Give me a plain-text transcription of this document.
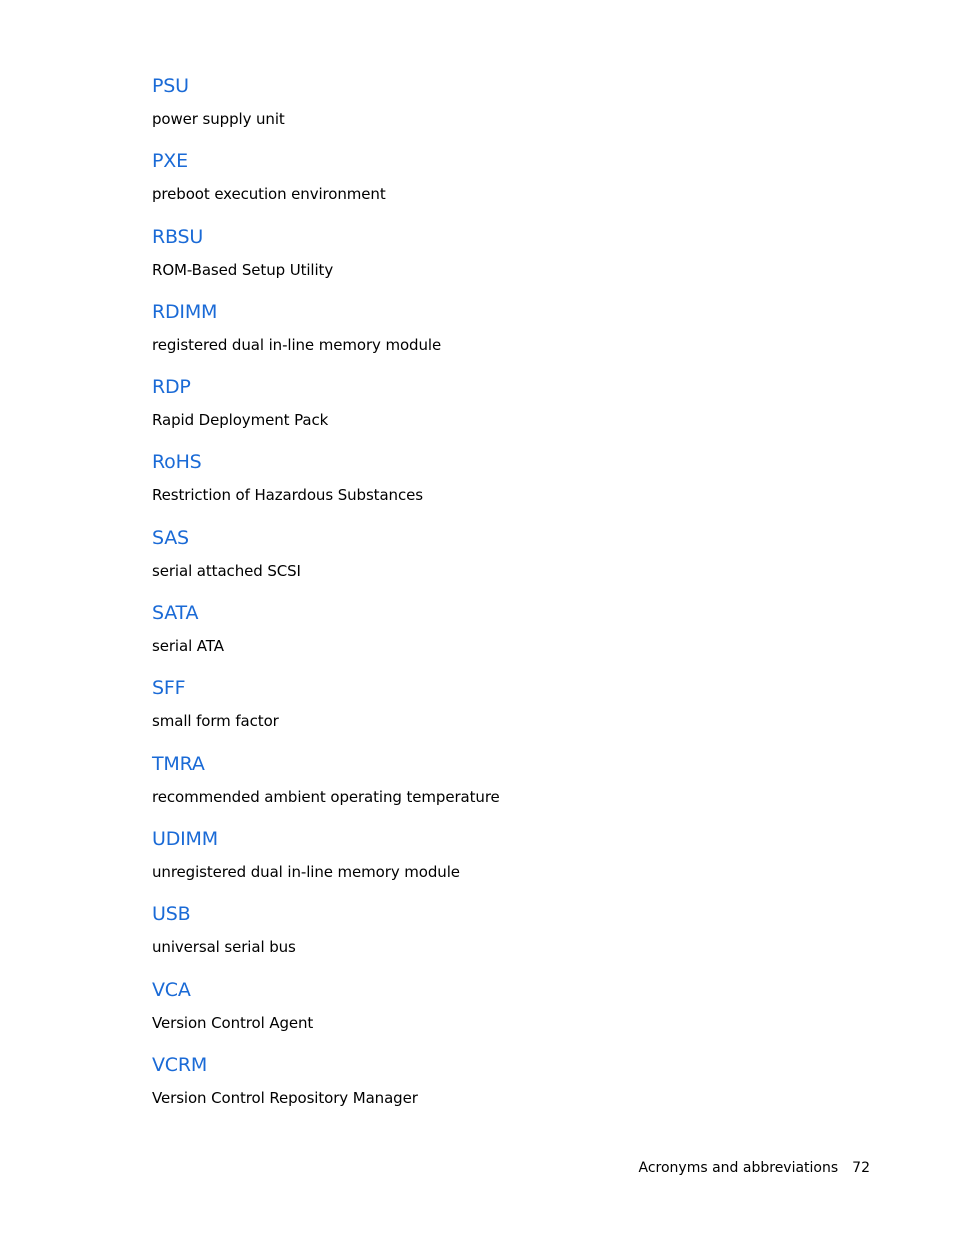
PSU
power supply unit
PXE
preboot execution environment
RBSU
ROM-Based Setup Utility
RDIMM
registered dual in-line memory module
RDP
Rapid Deployment Pack
RoHS
Restriction of Hazardous Substances
SAS
serial attached SCSI
SATA
serial ATA
SFF
small form factor
TMRA
recommended ambient operating temperature
UDIMM
unregistered dual in-line memory module
USB
universal serial bus
VCA
Version Control Agent
VCRM
Version Control Repository Manager
Acronyms and abbreviations 72
